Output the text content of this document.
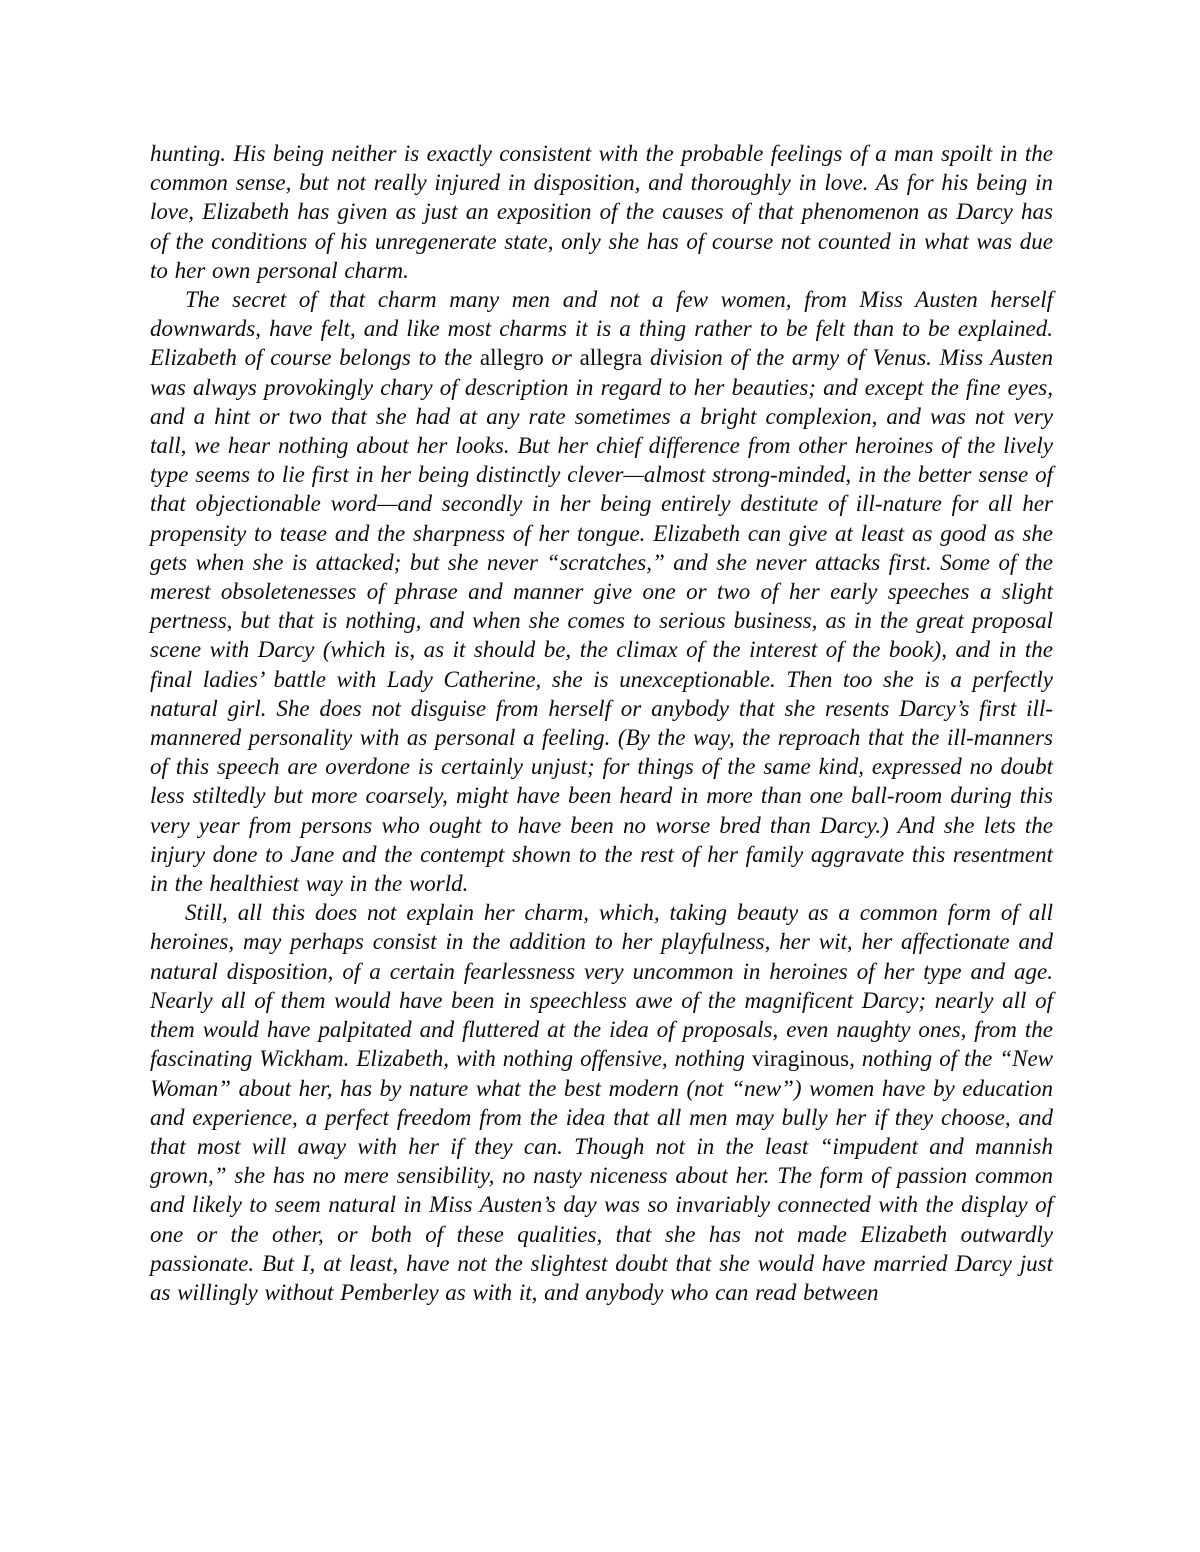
hunting. His being neither is exactly consistent with the probable feelings of a man spoilt in the common sense, but not really injured in disposition, and thoroughly in love. As for his being in love, Elizabeth has given as just an exposition of the causes of that phenomenon as Darcy has of the conditions of his unregenerate state, only she has of course not counted in what was due to her own personal charm.

The secret of that charm many men and not a few women, from Miss Austen herself downwards, have felt, and like most charms it is a thing rather to be felt than to be explained. Elizabeth of course belongs to the allegro or allegra division of the army of Venus. Miss Austen was always provokingly chary of description in regard to her beauties; and except the fine eyes, and a hint or two that she had at any rate sometimes a bright complexion, and was not very tall, we hear nothing about her looks. But her chief difference from other heroines of the lively type seems to lie first in her being distinctly clever—almost strong-minded, in the better sense of that objectionable word—and secondly in her being entirely destitute of ill-nature for all her propensity to tease and the sharpness of her tongue. Elizabeth can give at least as good as she gets when she is attacked; but she never “scratches,” and she never attacks first. Some of the merest obsoletenesses of phrase and manner give one or two of her early speeches a slight pertness, but that is nothing, and when she comes to serious business, as in the great proposal scene with Darcy (which is, as it should be, the climax of the interest of the book), and in the final ladies’ battle with Lady Catherine, she is unexceptionable. Then too she is a perfectly natural girl. She does not disguise from herself or anybody that she resents Darcy’s first ill-mannered personality with as personal a feeling. (By the way, the reproach that the ill-manners of this speech are overdone is certainly unjust; for things of the same kind, expressed no doubt less stiltedly but more coarsely, might have been heard in more than one ball-room during this very year from persons who ought to have been no worse bred than Darcy.) And she lets the injury done to Jane and the contempt shown to the rest of her family aggravate this resentment in the healthiest way in the world.

Still, all this does not explain her charm, which, taking beauty as a common form of all heroines, may perhaps consist in the addition to her playfulness, her wit, her affectionate and natural disposition, of a certain fearlessness very uncommon in heroines of her type and age. Nearly all of them would have been in speechless awe of the magnificent Darcy; nearly all of them would have palpitated and fluttered at the idea of proposals, even naughty ones, from the fascinating Wickham. Elizabeth, with nothing offensive, nothing viraginous, nothing of the “New Woman” about her, has by nature what the best modern (not “new”) women have by education and experience, a perfect freedom from the idea that all men may bully her if they choose, and that most will away with her if they can. Though not in the least “impudent and mannish grown,” she has no mere sensibility, no nasty niceness about her. The form of passion common and likely to seem natural in Miss Austen’s day was so invariably connected with the display of one or the other, or both of these qualities, that she has not made Elizabeth outwardly passionate. But I, at least, have not the slightest doubt that she would have married Darcy just as willingly without Pemberley as with it, and anybody who can read between
